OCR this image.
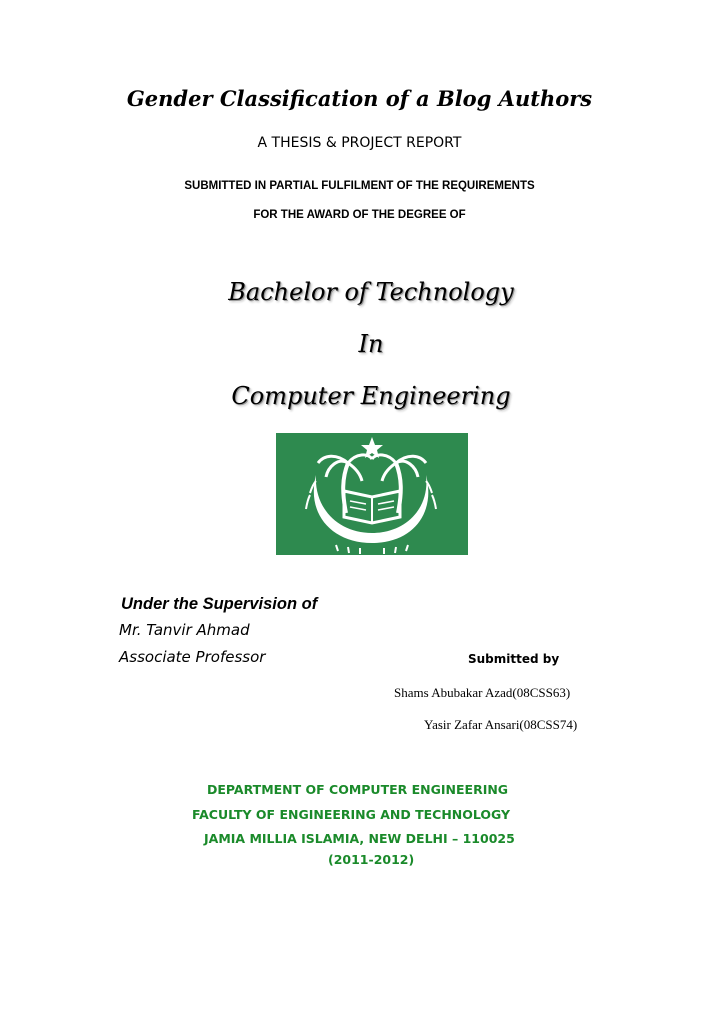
Gender Classification of a Blog Authors
A THESIS & PROJECT REPORT
SUBMITTED IN PARTIAL FULFILMENT OF THE REQUIREMENTS
FOR THE AWARD OF THE DEGREE OF
Bachelor of Technology
In
Computer Engineering
Under the Supervision of
Mr. Tanvir Ahmad
Associate Professor	Submitted by
Shams Abubakar Azad(08CSS63)
Yasir Zafar Ansari(08CSS74)
DEPARTMENT OF COMPUTER ENGINEERING
FACULTY OF ENGINEERING AND TECHNOLOGY
JAMIA MILLIA ISLAMIA, NEW DELHI – 110025
(2011-2012)
